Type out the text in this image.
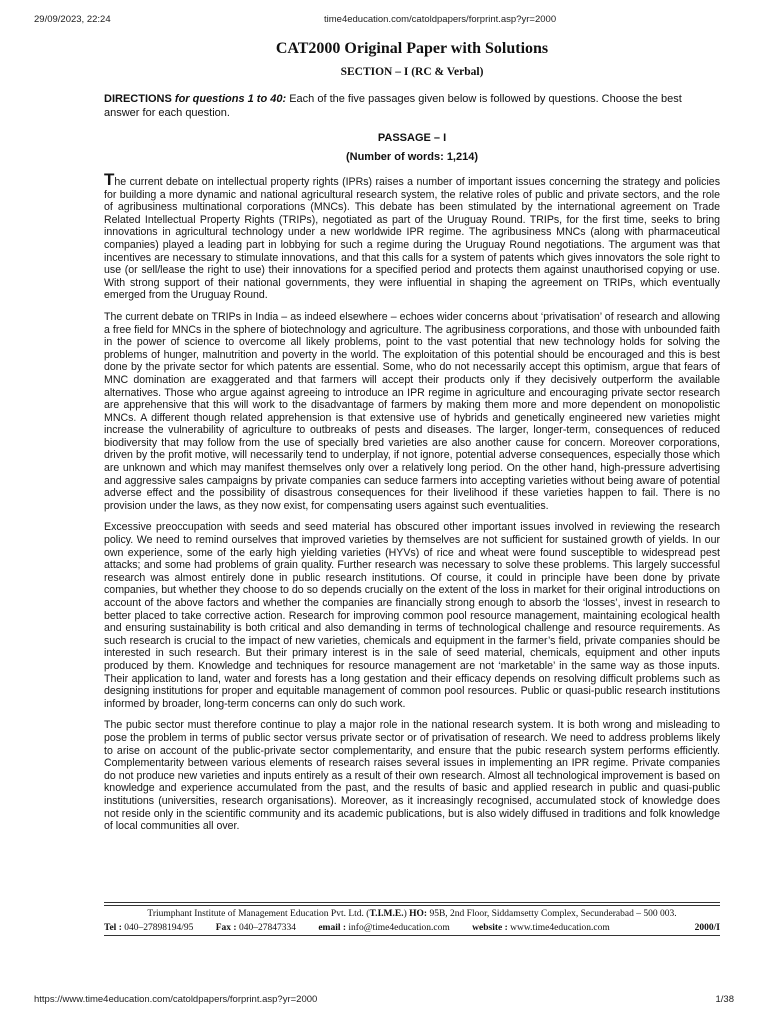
29/09/2023, 22:24	time4education.com/catoldpapers/forprint.asp?yr=2000
CAT2000 Original Paper with Solutions
SECTION – I (RC & Verbal)

DIRECTIONS for questions 1 to 40: Each of the five passages given below is followed by questions. Choose the best answer for each question.

PASSAGE – I
(Number of words: 1,214)

The current debate on intellectual property rights (IPRs) raises a number of important issues concerning the strategy and policies for building a more dynamic and national agricultural research system, the relative roles of public and private sectors, and the role of agribusiness multinational corporations (MNCs). This debate has been stimulated by the international agreement on Trade Related Intellectual Property Rights (TRIPs), negotiated as part of the Uruguay Round. TRIPs, for the first time, seeks to bring innovations in agricultural technology under a new worldwide IPR regime. The agribusiness MNCs (along with pharmaceutical companies) played a leading part in lobbying for such a regime during the Uruguay Round negotiations. The argument was that incentives are necessary to stimulate innovations, and that this calls for a system of patents which gives innovators the sole right to use (or sell/lease the right to use) their innovations for a specified period and protects them against unauthorised copying or use. With strong support of their national governments, they were influential in shaping the agreement on TRIPs, which eventually emerged from the Uruguay Round.

The current debate on TRIPs in India – as indeed elsewhere – echoes wider concerns about ‘privatisation’ of research and allowing a free field for MNCs in the sphere of biotechnology and agriculture. The agribusiness corporations, and those with unbounded faith in the power of science to overcome all likely problems, point to the vast potential that new technology holds for solving the problems of hunger, malnutrition and poverty in the world. The exploitation of this potential should be encouraged and this is best done by the private sector for which patents are essential. Some, who do not necessarily accept this optimism, argue that fears of MNC domination are exaggerated and that farmers will accept their products only if they decisively outperform the available alternatives. Those who argue against agreeing to introduce an IPR regime in agriculture and encouraging private sector research are apprehensive that this will work to the disadvantage of farmers by making them more and more dependent on monopolistic MNCs. A different though related apprehension is that extensive use of hybrids and genetically engineered new varieties might increase the vulnerability of agriculture to outbreaks of pests and diseases. The larger, longer-term, consequences of reduced biodiversity that may follow from the use of specially bred varieties are also another cause for concern. Moreover corporations, driven by the profit motive, will necessarily tend to underplay, if not ignore, potential adverse consequences, especially those which are unknown and which may manifest themselves only over a relatively long period. On the other hand, high-pressure advertising and aggressive sales campaigns by private companies can seduce farmers into accepting varieties without being aware of potential adverse effect and the possibility of disastrous consequences for their livelihood if these varieties happen to fail. There is no provision under the laws, as they now exist, for compensating users against such eventualities.

Excessive preoccupation with seeds and seed material has obscured other important issues involved in reviewing the research policy. We need to remind ourselves that improved varieties by themselves are not sufficient for sustained growth of yields. In our own experience, some of the early high yielding varieties (HYVs) of rice and wheat were found susceptible to widespread pest attacks; and some had problems of grain quality. Further research was necessary to solve these problems. This largely successful research was almost entirely done in public research institutions. Of course, it could in principle have been done by private companies, but whether they choose to do so depends crucially on the extent of the loss in market for their original introductions on account of the above factors and whether the companies are financially strong enough to absorb the ‘losses’, invest in research to better placed to take corrective action. Research for improving common pool resource management, maintaining ecological health and ensuring sustainability is both critical and also demanding in terms of technological challenge and resource requirements. As such research is crucial to the impact of new varieties, chemicals and equipment in the farmer’s field, private companies should be interested in such research. But their primary interest is in the sale of seed material, chemicals, equipment and other inputs produced by them. Knowledge and techniques for resource management are not ‘marketable’ in the same way as those inputs. Their application to land, water and forests has a long gestation and their efficacy depends on resolving difficult problems such as designing institutions for proper and equitable management of common pool resources. Public or quasi-public research institutions informed by broader, long-term concerns can only do such work.

The pubic sector must therefore continue to play a major role in the national research system. It is both wrong and misleading to pose the problem in terms of public sector versus private sector or of privatisation of research. We need to address problems likely to arise on account of the public-private sector complementarity, and ensure that the pubic research system performs efficiently. Complementarity between various elements of research raises several issues in implementing an IPR regime. Private companies do not produce new varieties and inputs entirely as a result of their own research. Almost all technological improvement is based on knowledge and experience accumulated from the past, and the results of basic and applied research in public and quasi-public institutions (universities, research organisations). Moreover, as it increasingly recognised, accumulated stock of knowledge does not reside only in the scientific community and its academic publications, but is also widely diffused in traditions and folk knowledge of local communities all over.

Triumphant Institute of Management Education Pvt. Ltd. (T.I.M.E.) HO: 95B, 2nd Floor, Siddamsetty Complex, Secunderabad – 500 003.
Tel : 040–27898194/95 Fax : 040–27847334 email : info@time4education.com website : www.time4education.com	2000/I
https://www.time4education.com/catoldpapers/forprint.asp?yr=2000	1/38
